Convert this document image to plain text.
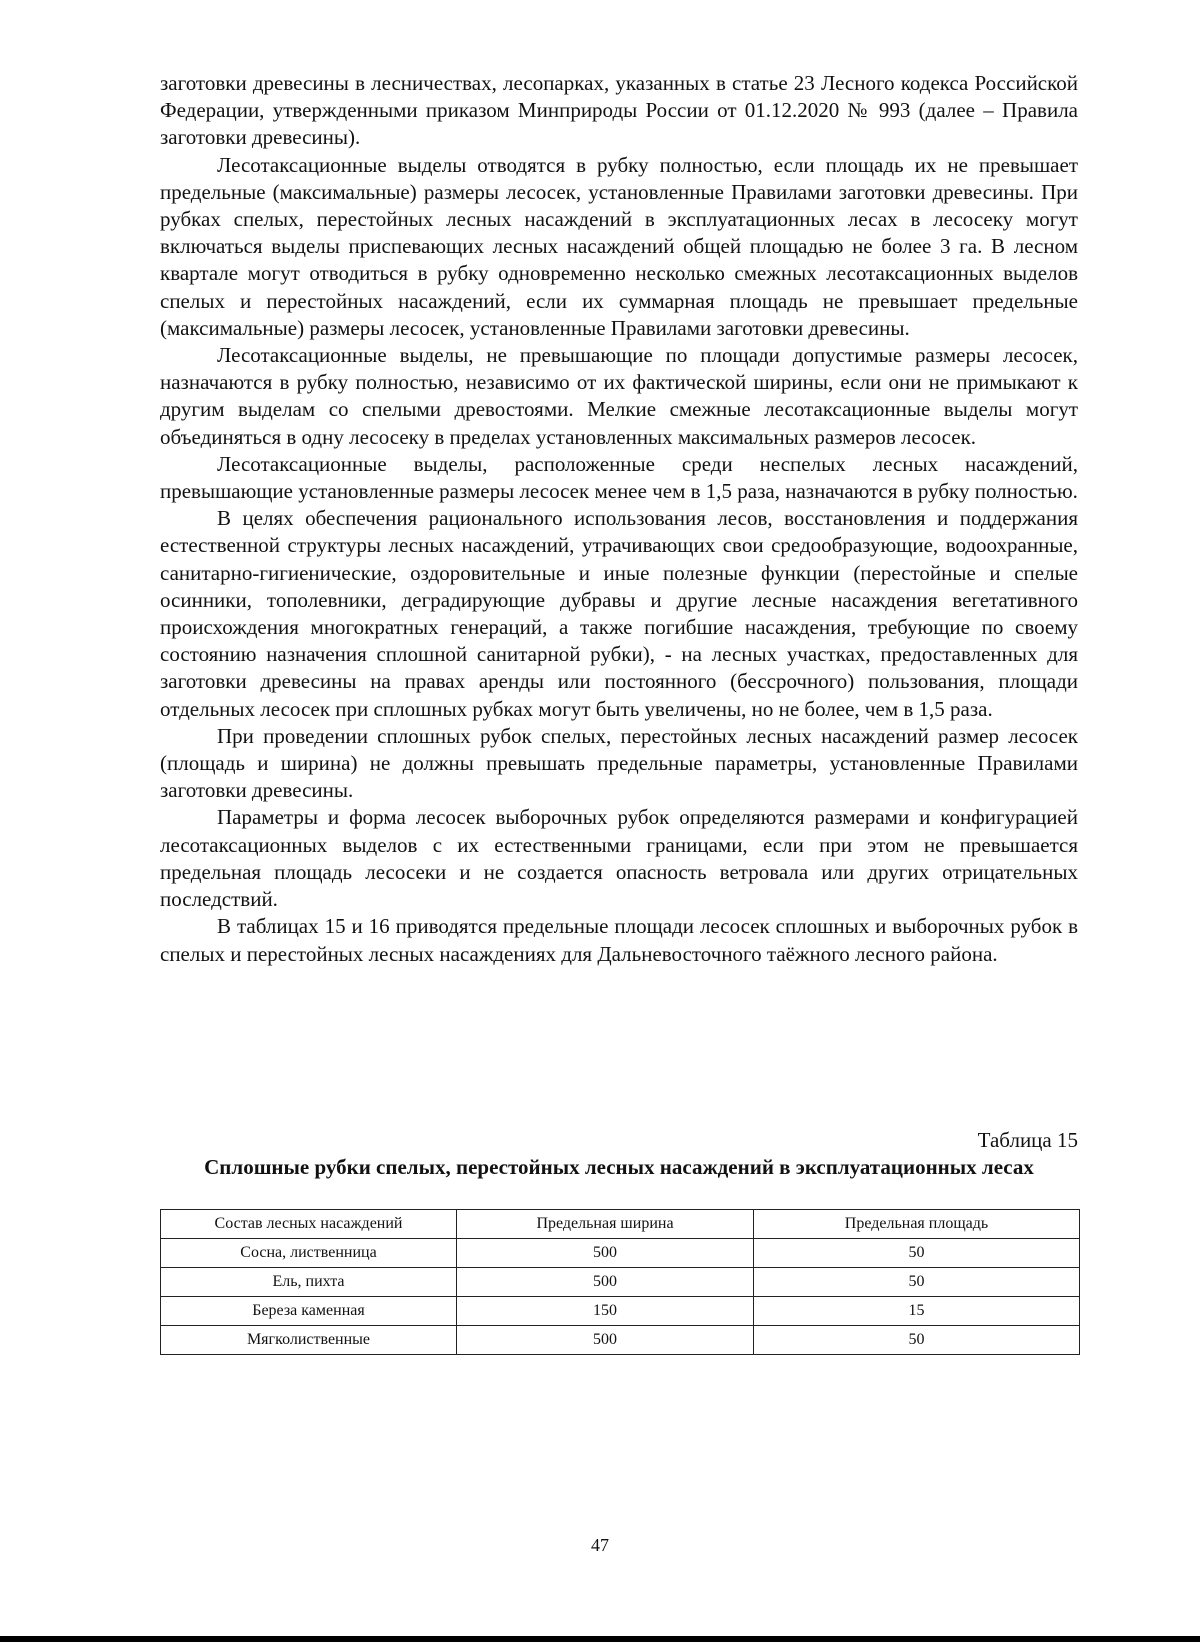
заготовки древесины в лесничествах, лесопарках, указанных в статье 23 Лесного кодекса Российской Федерации, утвержденными приказом Минприроды России от 01.12.2020 № 993 (далее – Правила заготовки древесины).

Лесотаксационные выделы отводятся в рубку полностью, если площадь их не превышает предельные (максимальные) размеры лесосек, установленные Правилами заготовки древесины. При рубках спелых, перестойных лесных насаждений в эксплуатационных лесах в лесосеку могут включаться выделы приспевающих лесных насаждений общей площадью не более 3 га. В лесном квартале могут отводиться в рубку одновременно несколько смежных лесотаксационных выделов спелых и перестойных насаждений, если их суммарная площадь не превышает предельные (максимальные) размеры лесосек, установленные Правилами заготовки древесины.

Лесотаксационные выделы, не превышающие по площади допустимые размеры лесосек, назначаются в рубку полностью, независимо от их фактической ширины, если они не примыкают к другим выделам со спелыми древостоями. Мелкие смежные лесотаксационные выделы могут объединяться в одну лесосеку в пределах установленных максимальных размеров лесосек.

Лесотаксационные выделы, расположенные среди неспелых лесных насаждений, превышающие установленные размеры лесосек менее чем в 1,5 раза, назначаются в рубку полностью.

В целях обеспечения рационального использования лесов, восстановления и поддержания естественной структуры лесных насаждений, утрачивающих свои средообразующие, водоохранные, санитарно-гигиенические, оздоровительные и иные полезные функции (перестойные и спелые осинники, тополевники, деградирующие дубравы и другие лесные насаждения вегетативного происхождения многократных генераций, а также погибшие насаждения, требующие по своему состоянию назначения сплошной санитарной рубки), - на лесных участках, предоставленных для заготовки древесины на правах аренды или постоянного (бессрочного) пользования, площади отдельных лесосек при сплошных рубках могут быть увеличены, но не более, чем в 1,5 раза.

При проведении сплошных рубок спелых, перестойных лесных насаждений размер лесосек (площадь и ширина) не должны превышать предельные параметры, установленные Правилами заготовки древесины.

Параметры и форма лесосек выборочных рубок определяются размерами и конфигурацией лесотаксационных выделов с их естественными границами, если при этом не превышается предельная площадь лесосеки и не создается опасность ветровала или других отрицательных последствий.

В таблицах 15 и 16 приводятся предельные площади лесосек сплошных и выборочных рубок в спелых и перестойных лесных насаждениях для Дальневосточного таёжного лесного района.

Таблица 15
Сплошные рубки спелых, перестойных лесных насаждений в эксплуатационных лесах
Состав лесных насаждений	Предельная ширина	Предельная площадь
Сосна, лиственница	500	50
Ель, пихта	500	50
Береза каменная	150	15
Мягколиственные	500	50
47
